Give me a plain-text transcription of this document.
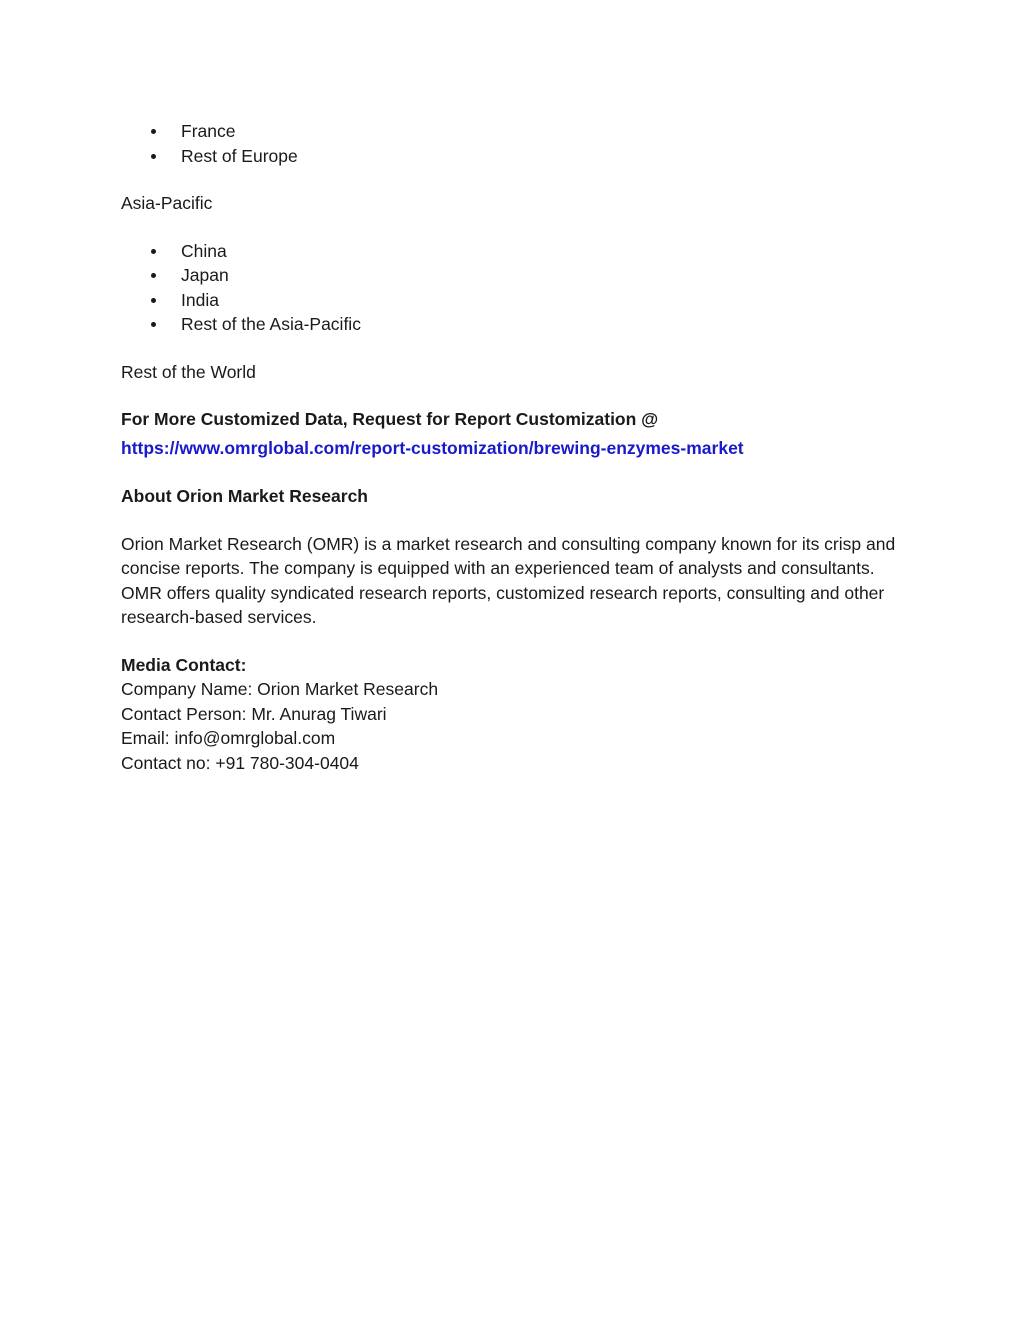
France
Rest of Europe

Asia-Pacific

China
Japan
India
Rest of the Asia-Pacific

Rest of the World

For More Customized Data, Request for Report Customization @

https://www.omrglobal.com/report-customization/brewing-enzymes-market

About Orion Market Research

Orion Market Research (OMR) is a market research and consulting company known for its crisp and concise reports. The company is equipped with an experienced team of analysts and consultants. OMR offers quality syndicated research reports, customized research reports, consulting and other research-based services.

Media Contact:

Company Name: Orion Market Research

Contact Person: Mr. Anurag Tiwari

Email: info@omrglobal.com

Contact no: +91 780-304-0404
